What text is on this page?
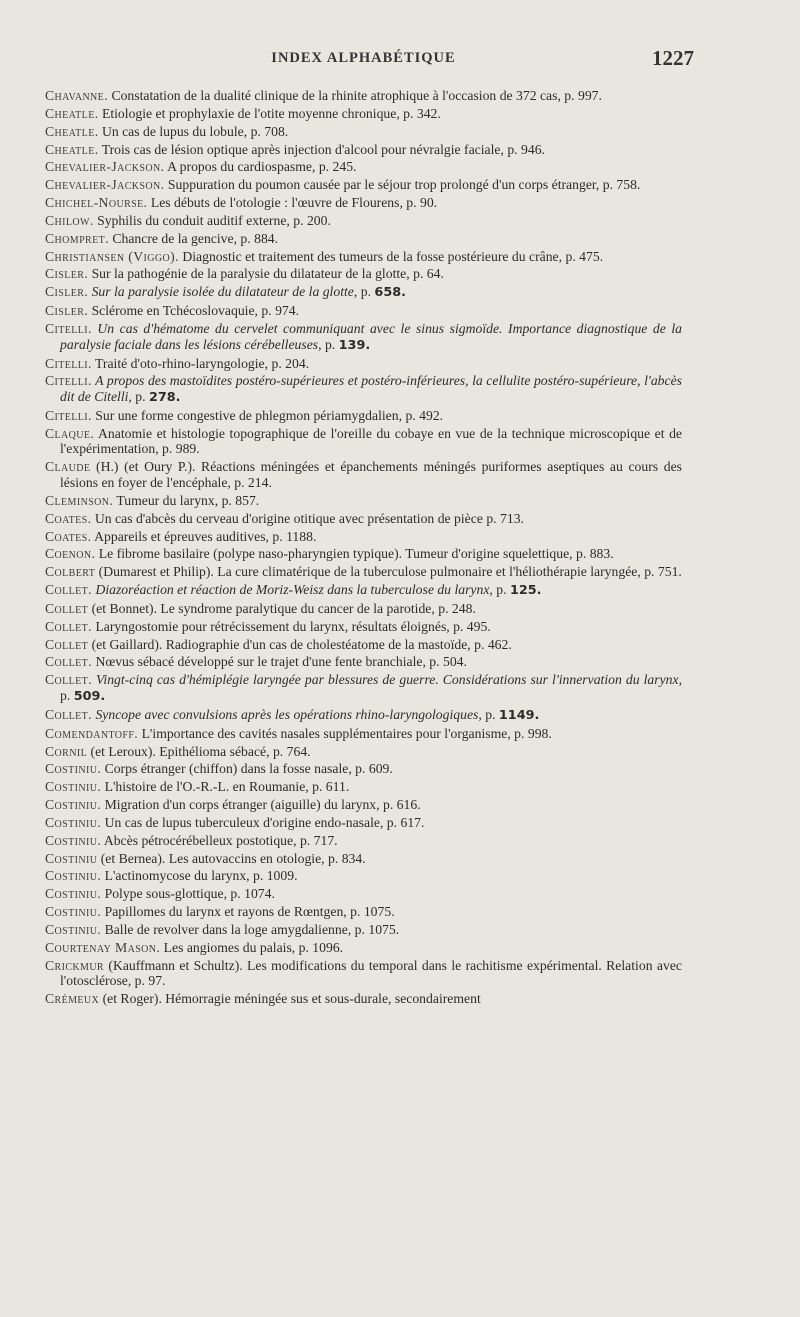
INDEX ALPHABÉTIQUE	1227

Chavanne. Constatation de la dualité clinique de la rhinite atrophique à l'occasion de 372 cas, p. 997.

Cheatle. Etiologie et prophylaxie de l'otite moyenne chronique, p. 342.

Cheatle. Un cas de lupus du lobule, p. 708.

Cheatle. Trois cas de lésion optique après injection d'alcool pour névralgie faciale, p. 946.

Chevalier-Jackson. A propos du cardiospasme, p. 245.

Chevalier-Jackson. Suppuration du poumon causée par le séjour trop prolongé d'un corps étranger, p. 758.

Chichel-Nourse. Les débuts de l'otologie : l'œuvre de Flourens, p. 90.

Chilow. Syphilis du conduit auditif externe, p. 200.

Chompret. Chancre de la gencive, p. 884.

Christiansen (Viggo). Diagnostic et traitement des tumeurs de la fosse postérieure du crâne, p. 475.

Cisler. Sur la pathogénie de la paralysie du dilatateur de la glotte, p. 64.

Cisler. Sur la paralysie isolée du dilatateur de la glotte, p. 658.

Cisler. Sclérome en Tchécoslovaquie, p. 974.

Citelli. Un cas d'hématome du cervelet communiquant avec le sinus sigmoïde. Importance diagnostique de la paralysie faciale dans les lésions cérébelleuses, p. 139.

Citelli. Traité d'oto-rhino-laryngologie, p. 204.

Citelli. A propos des mastoïdites postéro-supérieures et postéro-inférieures, la cellulite postéro-supérieure, l'abcès dit de Citelli, p. 278.

Citelli. Sur une forme congestive de phlegmon périamygdalien, p. 492.

Claque. Anatomie et histologie topographique de l'oreille du cobaye en vue de la technique microscopique et de l'expérimentation, p. 989.

Claude (H.) (et Oury P.). Réactions méningées et épanchements méningés puriformes aseptiques au cours des lésions en foyer de l'encéphale, p. 214.

Cleminson. Tumeur du larynx, p. 857.

Coates. Un cas d'abcès du cerveau d'origine otitique avec présentation de pièce p. 713.

Coates. Appareils et épreuves auditives, p. 1188.

Coenon. Le fibrome basilaire (polype naso-pharyngien typique). Tumeur d'origine squelettique, p. 883.

Colbert (Dumarest et Philip). La cure climatérique de la tuberculose pulmonaire et l'héliothérapie laryngée, p. 751.

Collet. Diazoréaction et réaction de Moriz-Weisz dans la tuberculose du larynx, p. 125.

Collet (et Bonnet). Le syndrome paralytique du cancer de la parotide, p. 248.

Collet. Laryngostomie pour rétrécissement du larynx, résultats éloignés, p. 495.

Collet (et Gaillard). Radiographie d'un cas de cholestéatome de la mastoïde, p. 462.

Collet. Nœvus sébacé développé sur le trajet d'une fente branchiale, p. 504.

Collet. Vingt-cinq cas d'hémiplégie laryngée par blessures de guerre. Considérations sur l'innervation du larynx, p. 509.

Collet. Syncope avec convulsions après les opérations rhino-laryngologiques, p. 1149.

Comendantoff. L'importance des cavités nasales supplémentaires pour l'organisme, p. 998.

Cornil (et Leroux). Epithélioma sébacé, p. 764.

Costiniu. Corps étranger (chiffon) dans la fosse nasale, p. 609.

Costiniu. L'histoire de l'O.-R.-L. en Roumanie, p. 611.

Costiniu. Migration d'un corps étranger (aiguille) du larynx, p. 616.

Costiniu. Un cas de lupus tuberculeux d'origine endo-nasale, p. 617.

Costiniu. Abcès pétrocérébelleux postotique, p. 717.

Costiniu (et Bernea). Les autovaccins en otologie, p. 834.

Costiniu. L'actinomycose du larynx, p. 1009.

Costiniu. Polype sous-glottique, p. 1074.

Costiniu. Papillomes du larynx et rayons de Rœntgen, p. 1075.

Costiniu. Balle de revolver dans la loge amygdalienne, p. 1075.

Courtenay Mason. Les angiomes du palais, p. 1096.

Crickmur (Kauffmann et Schultz). Les modifications du temporal dans le rachitisme expérimental. Relation avec l'otosclérose, p. 97.

Crémeux (et Roger). Hémorragie méningée sus et sous-durale, secondairement
